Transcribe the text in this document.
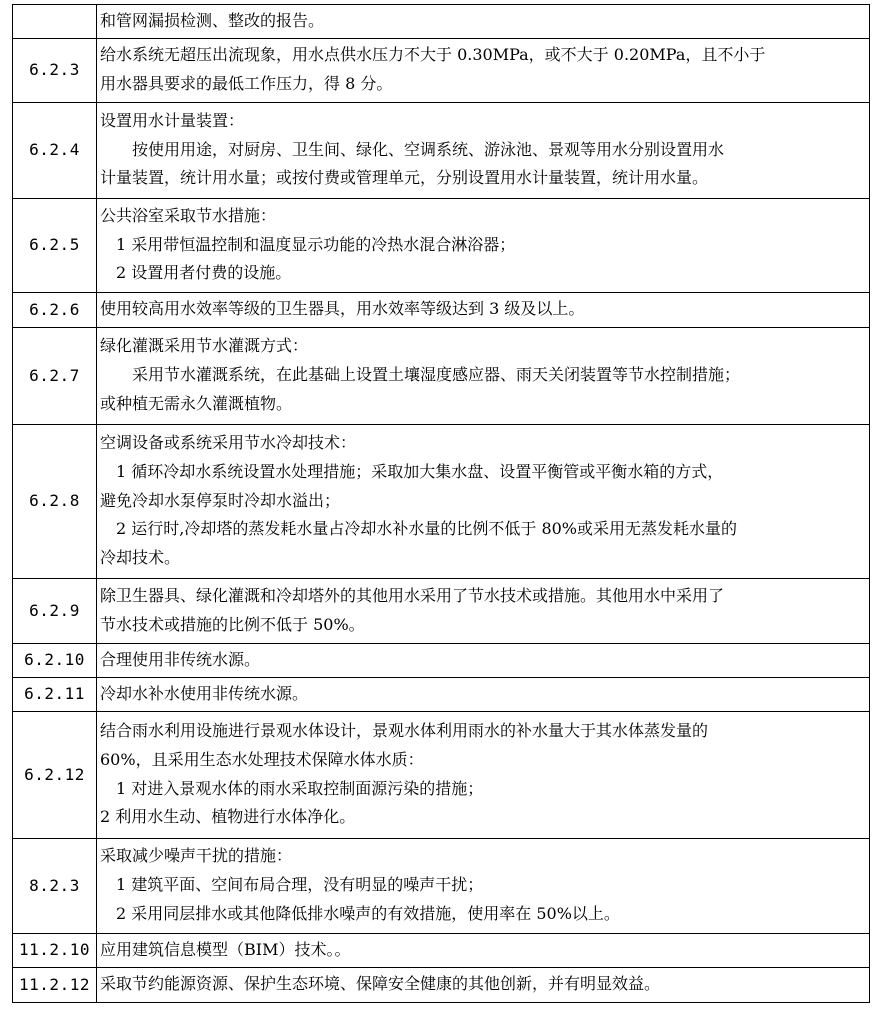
	和管网漏损检测、整改的报告。

6.2.3	给水系统无超压出流现象，用水点供水压力不大于 0.30MPa，或不大于 0.20MPa，且不小于
用水器具要求的最低工作压力，得 8 分。

6.2.4	设置用水计量装置：
按使用用途，对厨房、卫生间、绿化、空调系统、游泳池、景观等用水分别设置用水
计量装置，统计用水量；或按付费或管理单元，分别设置用水计量装置，统计用水量。

6.2.5	公共浴室采取节水措施：
1 采用带恒温控制和温度显示功能的冷热水混合淋浴器；
2 设置用者付费的设施。

6.2.6	使用较高用水效率等级的卫生器具，用水效率等级达到 3 级及以上。

6.2.7	绿化灌溉采用节水灌溉方式：
采用节水灌溉系统，在此基础上设置土壤湿度感应器、雨天关闭装置等节水控制措施；
或种植无需永久灌溉植物。

6.2.8	空调设备或系统采用节水冷却技术：
1 循环冷却水系统设置水处理措施；采取加大集水盘、设置平衡管或平衡水箱的方式，
避免冷却水泵停泵时冷却水溢出；
2 运行时,冷却塔的蒸发耗水量占冷却水补水量的比例不低于 80%或采用无蒸发耗水量的
冷却技术。

6.2.9	除卫生器具、绿化灌溉和冷却塔外的其他用水采用了节水技术或措施。其他用水中采用了
节水技术或措施的比例不低于 50%。

6.2.10	合理使用非传统水源。

6.2.11	冷却水补水使用非传统水源。

6.2.12	结合雨水利用设施进行景观水体设计，景观水体利用雨水的补水量大于其水体蒸发量的
60%，且采用生态水处理技术保障水体水质：
1 对进入景观水体的雨水采取控制面源污染的措施；
2 利用水生动、植物进行水体净化。

8.2.3	采取减少噪声干扰的措施：
1 建筑平面、空间布局合理，没有明显的噪声干扰；
2 采用同层排水或其他降低排水噪声的有效措施，使用率在 50%以上。

11.2.10	应用建筑信息模型（BIM）技术。。

11.2.12	采取节约能源资源、保护生态环境、保障安全健康的其他创新，并有明显效益。
